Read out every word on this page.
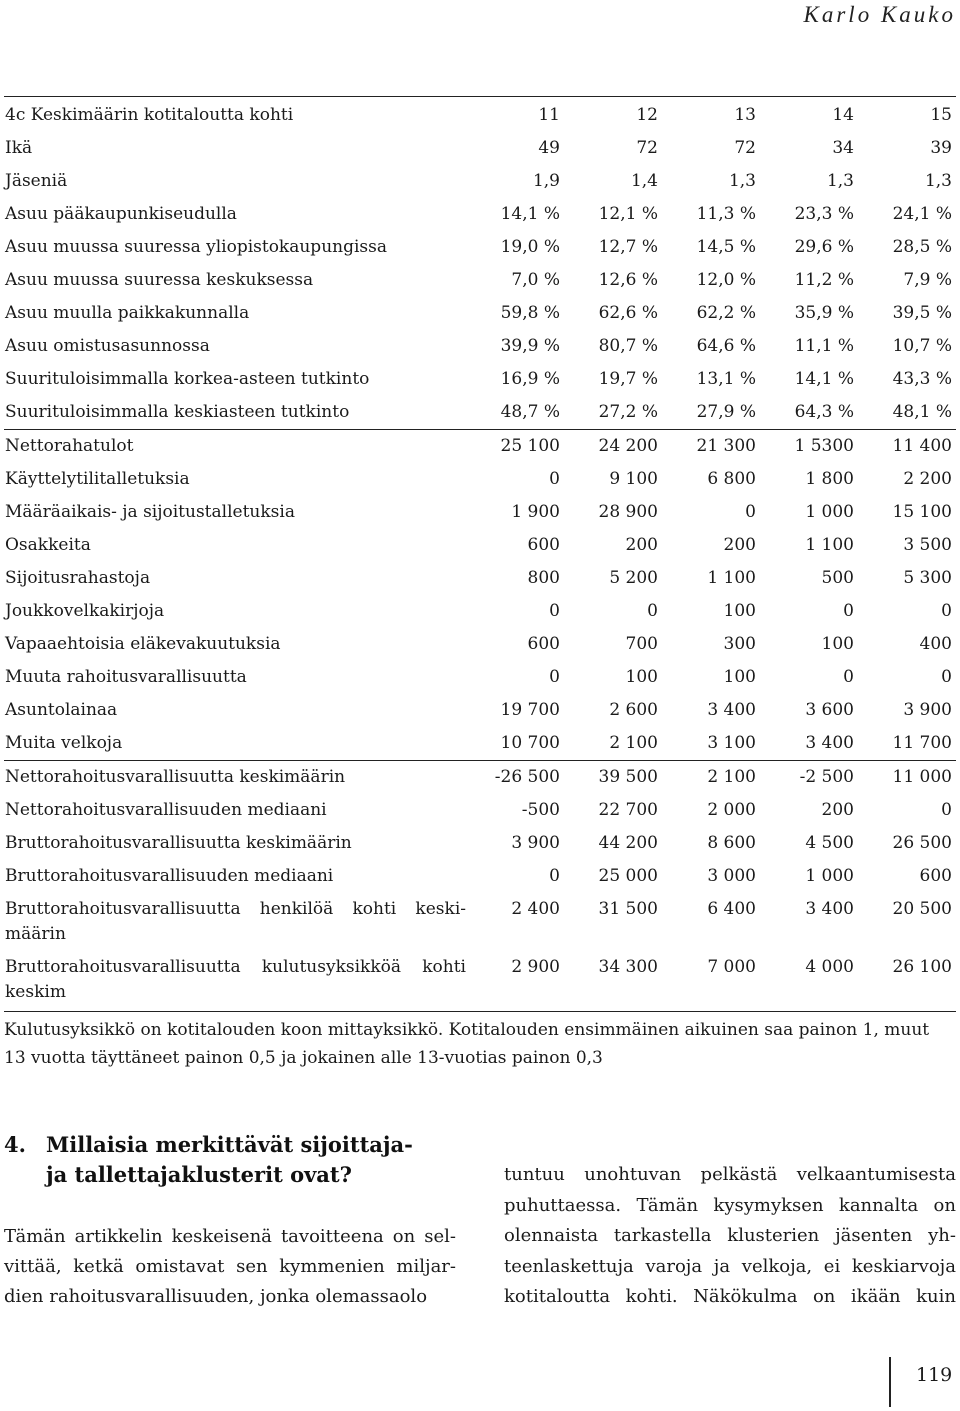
Karlo Kauko
4c Keskimäärin kotitaloutta kohti	11	12	13	14	15
Ikä	49	72	72	34	39
Jäseniä	1,9	1,4	1,3	1,3	1,3
Asuu pääkaupunkiseudulla	14,1 %	12,1 %	11,3 %	23,3 %	24,1 %
Asuu muussa suuressa yliopistokaupungissa	19,0 %	12,7 %	14,5 %	29,6 %	28,5 %
Asuu muussa suuressa keskuksessa	7,0 %	12,6 %	12,0 %	11,2 %	7,9 %
Asuu muulla paikkakunnalla	59,8 %	62,6 %	62,2 %	35,9 %	39,5 %
Asuu omistusasunnossa	39,9 %	80,7 %	64,6 %	11,1 %	10,7 %
Suurituloisimmalla korkea-asteen tutkinto	16,9 %	19,7 %	13,1 %	14,1 %	43,3 %
Suurituloisimmalla keskiasteen tutkinto	48,7 %	27,2 %	27,9 %	64,3 %	48,1 %
Nettorahatulot	25 100	24 200	21 300	1 5300	11 400
Käyttelytilitalletuksia	0	9 100	6 800	1 800	2 200
Määräaikais- ja sijoitustalletuksia	1 900	28 900	0	1 000	15 100
Osakkeita	600	200	200	1 100	3 500
Sijoitusrahastoja	800	5 200	1 100	500	5 300
Joukkovelkakirjoja	0	0	100	0	0
Vapaaehtoisia eläkevakuutuksia	600	700	300	100	400
Muuta rahoitusvarallisuutta	0	100	100	0	0
Asuntolainaa	19 700	2 600	3 400	3 600	3 900
Muita velkoja	10 700	2 100	3 100	3 400	11 700
Nettorahoitusvarallisuutta keskimäärin	-26 500	39 500	2 100	-2 500	11 000
Nettorahoitusvarallisuuden mediaani	-500	22 700	2 000	200	0
Bruttorahoitusvarallisuutta keskimäärin	3 900	44 200	8 600	4 500	26 500
Bruttorahoitusvarallisuuden mediaani	0	25 000	3 000	1 000	600
Bruttorahoitusvarallisuutta henkilöä kohti keski-määrin	2 400	31 500	6 400	3 400	20 500
Bruttorahoitusvarallisuutta kulutusyksikköä kohti keskim	2 900	34 300	7 000	4 000	26 100
Kulutusyksikkö on kotitalouden koon mittayksikkö. Kotitalouden ensimmäinen aikuinen saa painon 1, muut 13 vuotta täyttäneet painon 0,5 ja jokainen alle 13-vuotias painon 0,3
4. Millaisia merkittävät sijoittaja-
ja tallettajaklusterit ovat?
Tämän artikkelin keskeisenä tavoitteena on sel-
vittää, ketkä omistavat sen kymmenien miljar-
dien rahoitusvarallisuuden, jonka olemassaolo
tuntuu unohtuvan pelkästä velkaantumisesta
puhuttaessa. Tämän kysymyksen kannalta on
olennaista tarkastella klusterien jäsenten yh-
teenlaskettuja varoja ja velkoja, ei keskiarvoja
kotitaloutta kohti. Näkökulma on ikään kuin
119
